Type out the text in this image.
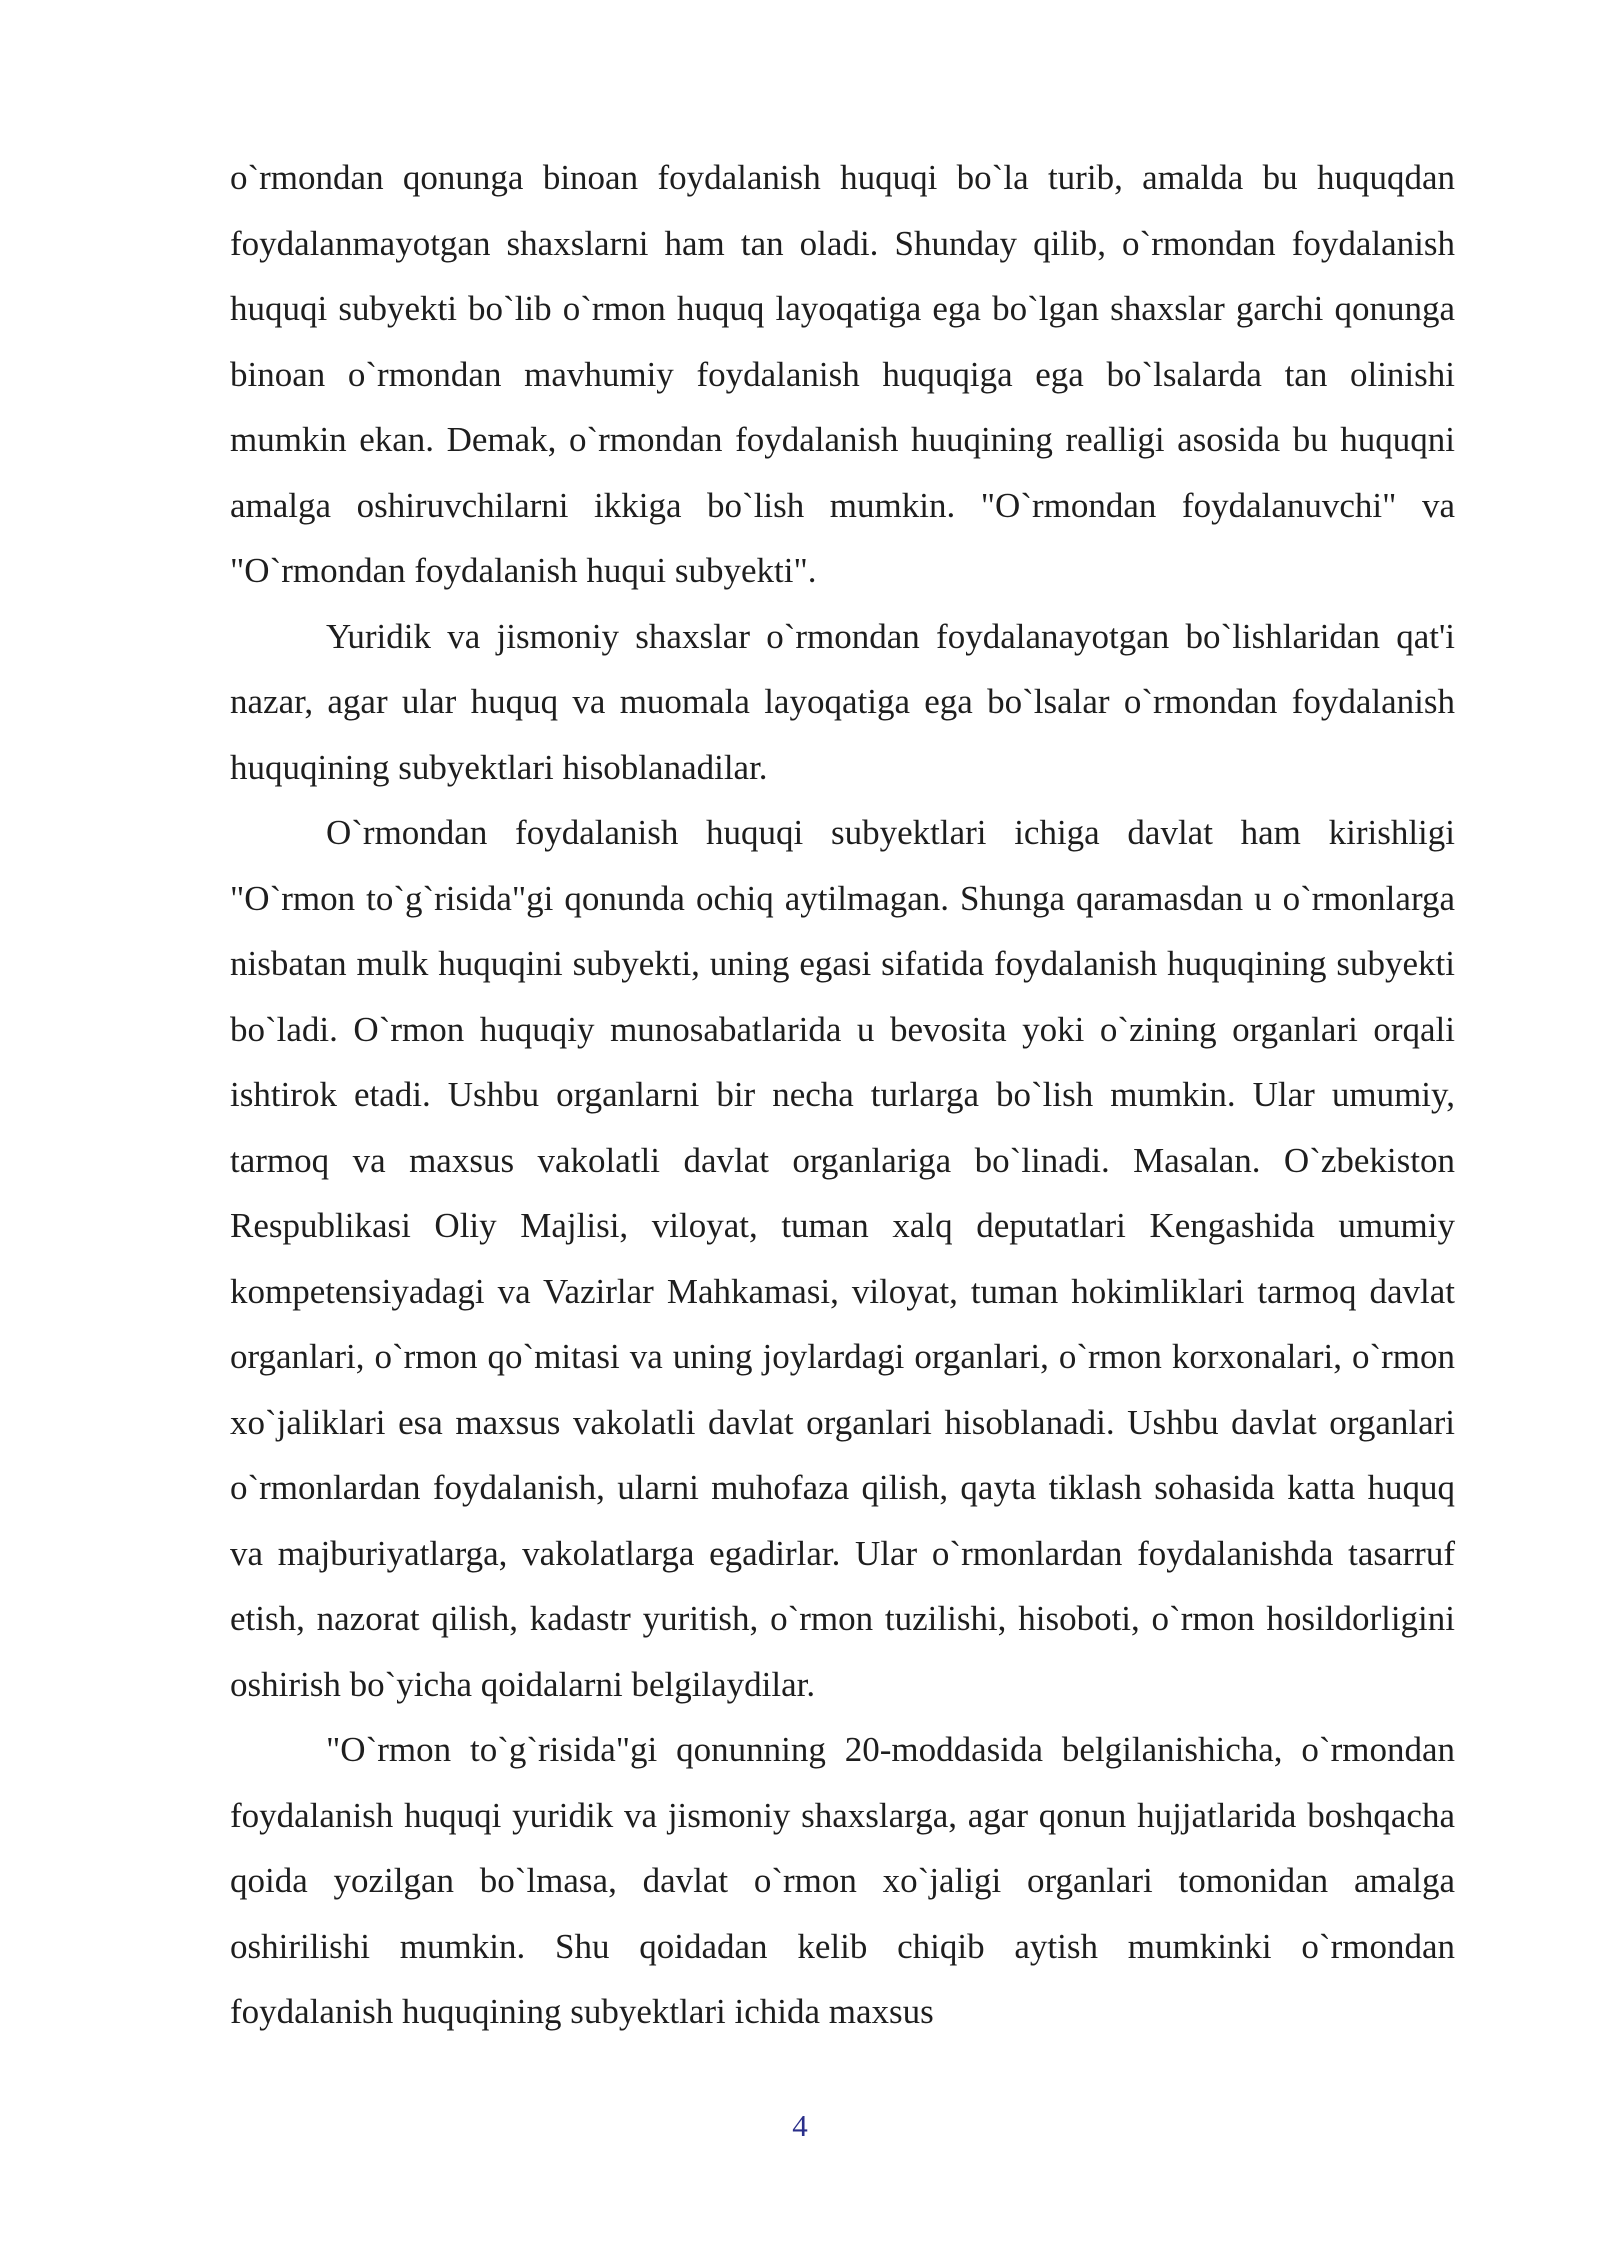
o`rmondan qonunga binoan foydalanish huquqi bo`la turib, amalda bu huquqdan foydalanmayotgan shaxslarni ham tan oladi. Shunday qilib, o`rmondan foydalanish huquqi subyekti bo`lib o`rmon huquq layoqatiga ega bo`lgan shaxslar garchi qonunga binoan o`rmondan mavhumiy foydalanish huquqiga ega bo`lsalarda tan olinishi mumkin ekan. Demak, o`rmondan foydalanish huuqining realligi asosida bu huquqni amalga oshiruvchilarni ikkiga bo`lish mumkin. "O`rmondan foydalanuvchi" va "O`rmondan foydalanish huqui subyekti".

Yuridik va jismoniy shaxslar o`rmondan foydalanayotgan bo`lishlaridan qat'i nazar, agar ular huquq va muomala layoqatiga ega bo`lsalar o`rmondan foydalanish huquqining subyektlari hisoblanadilar.

O`rmondan foydalanish huquqi subyektlari ichiga davlat ham kirishligi "O`rmon to`g`risida"gi qonunda ochiq aytilmagan. Shunga qaramasdan u o`rmonlarga nisbatan mulk huquqini subyekti, uning egasi sifatida foydalanish huquqining subyekti bo`ladi. O`rmon huquqiy munosabatlarida u bevosita yoki o`zining organlari orqali ishtirok etadi. Ushbu organlarni bir necha turlarga bo`lish mumkin. Ular umumiy, tarmoq va maxsus vakolatli davlat organlariga bo`linadi. Masalan. O`zbekiston Respublikasi Oliy Majlisi, viloyat, tuman xalq deputatlari Kengashida umumiy kompetensiyadagi va Vazirlar Mahkamasi, viloyat, tuman hokimliklari tarmoq davlat organlari, o`rmon qo`mitasi va uning joylardagi organlari, o`rmon korxonalari, o`rmon xo`jaliklari esa maxsus vakolatli davlat organlari hisoblanadi. Ushbu davlat organlari o`rmonlardan foydalanish, ularni muhofaza qilish, qayta tiklash sohasida katta huquq va majburiyatlarga, vakolatlarga egadirlar. Ular o`rmonlardan foydalanishda tasarruf etish, nazorat qilish, kadastr yuritish, o`rmon tuzilishi, hisoboti, o`rmon hosildorligini oshirish bo`yicha qoidalarni belgilaydilar.

"O`rmon to`g`risida"gi qonunning 20-moddasida belgilanishicha, o`rmondan foydalanish huquqi yuridik va jismoniy shaxslarga, agar qonun hujjatlarida boshqacha qoida yozilgan bo`lmasa, davlat o`rmon xo`jaligi organlari tomonidan amalga oshirilishi mumkin. Shu qoidadan kelib chiqib aytish mumkinki o`rmondan foydalanish huquqining subyektlari ichida maxsus

4
